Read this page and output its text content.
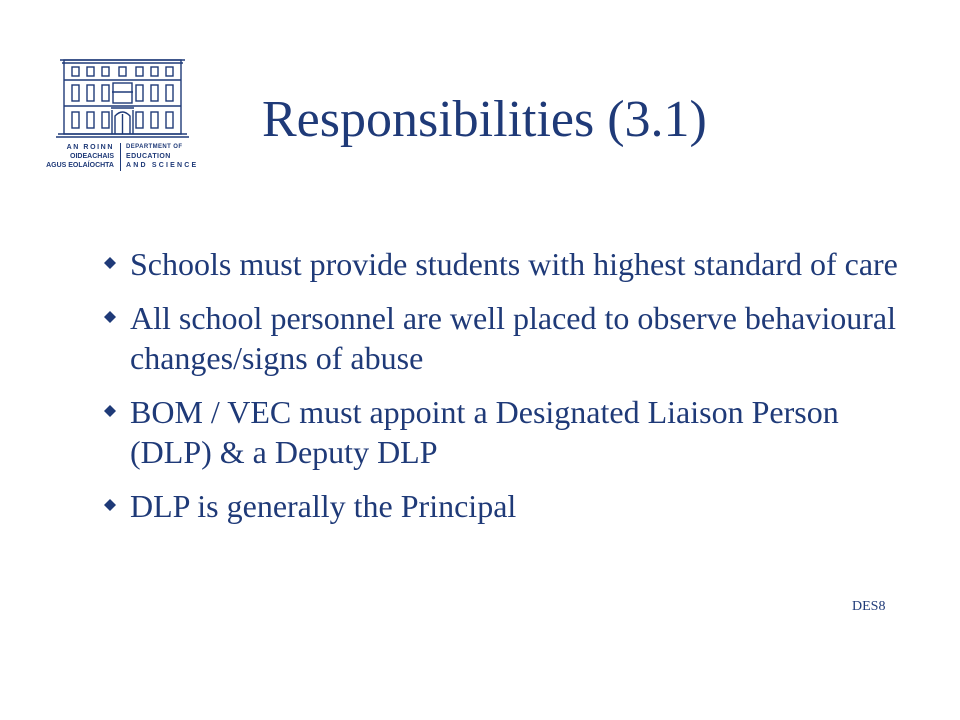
AN ROINN
OIDEACHAIS
AGUS EOLAÍOCHTA
DEPARTMENT OF
EDUCATION
AND SCIENCE
Responsibilities (3.1)
Schools must provide students with highest standard of care
All school personnel are well placed to observe behavioural changes/signs of abuse
BOM / VEC must appoint a Designated Liaison Person (DLP) & a Deputy DLP
DLP is generally the Principal
DES8
